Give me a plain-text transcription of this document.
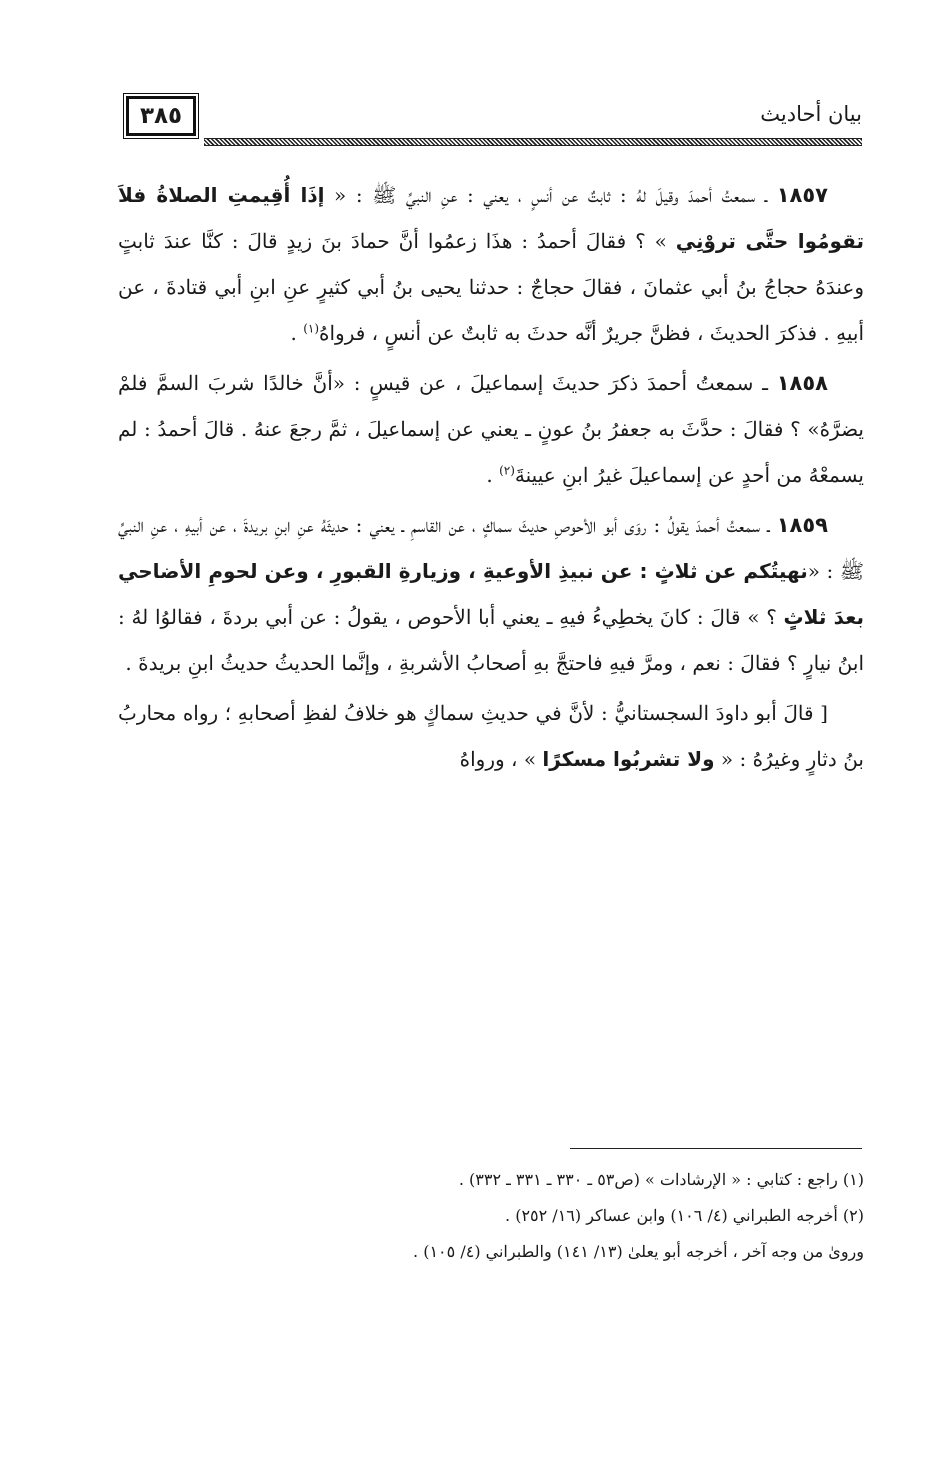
٣٨٥	بيان أحاديث

١٨٥٧ ـ سمعتُ أحمدَ وقيلَ لهُ : ثابتٌ عن أنسٍ ، يعني : عنِ النبيِّ ﷺ : « إذَا أُقِيمتِ الصلاةُ فلاَ تقومُوا حتَّى تروْنِي » ؟ فقالَ أحمدُ : هذَا زعمُوا أنَّ حمادَ بنَ زيدٍ قالَ : كنَّا عندَ ثابتٍ وعندَهُ حجاجُ بنُ أبي عثمانَ ، فقالَ حجاجٌ : حدثنا يحيى بنُ أبي كثيرٍ عنِ ابنِ أبي قتادةَ ، عن أبيهِ . فذكرَ الحديثَ ، فظنَّ جريرٌ أنَّه حدثَ به ثابتٌ عن أنسٍ ، فرواهُ$^{(١)}$ .

١٨٥٨ ـ سمعتُ أحمدَ ذكرَ حديثَ إسماعيلَ ، عن قيسٍ : «أنَّ خالدًا شربَ السمَّ فلمْ يضرَّهُ» ؟ فقالَ : حدَّثَ به جعفرُ بنُ عونٍ ـ يعني عن إسماعيلَ ، ثمَّ رجعَ عنهُ . قالَ أحمدُ : لم يسمعْهُ من أحدٍ عن إسماعيلَ غيرُ ابنِ عيينةَ$^{(٢)}$ .

١٨٥٩ ـ سمعتُ أحمدَ يقولُ : روَى أبو الأحوصِ حديثَ سماكٍ ، عن القاسمِ ـ يعني : حديثَهُ عنِ ابنِ بريدةَ ، عن أبيهِ ، عنِ النبيِّ ﷺ : «نهيتُكم عن ثلاثٍ : عن نبيذِ الأوعيةِ ، وزيارةِ القبورِ ، وعن لحومِ الأضاحي بعدَ ثلاثٍ ؟ » قالَ : كانَ يخطِيءُ فيهِ ـ يعني أبا الأحوص ، يقولُ : عن أبي بردةَ ، فقالوُا لهُ : ابنُ نيارٍ ؟ فقالَ : نعم ، ومرَّ فيهِ فاحتجَّ بهِ أصحابُ الأشربةِ ، وإنَّما الحديثُ حديثُ ابنِ بريدةَ .

[ قالَ أبو داودَ السجستانيُّ : لأنَّ في حديثِ سماكٍ هو خلافُ لفظِ أصحابهِ ؛ رواه محاربُ بنُ دثارٍ وغيرُهُ : « ولا تشربُوا مسكرًا » ، ورواهُ

(١) راجع : كتابي : « الإرشادات » (ص٥٣ ـ ٣٣٠ ـ ٣٣١ ـ ٣٣٢) .

(٢) أخرجه الطبراني (٤/ ١٠٦) وابن عساكر (١٦/ ٢٥٢) .

وروىٰ من وجه آخر ، أخرجه أبو يعلىٰ (١٣/ ١٤١) والطبراني (٤/ ١٠٥) .
